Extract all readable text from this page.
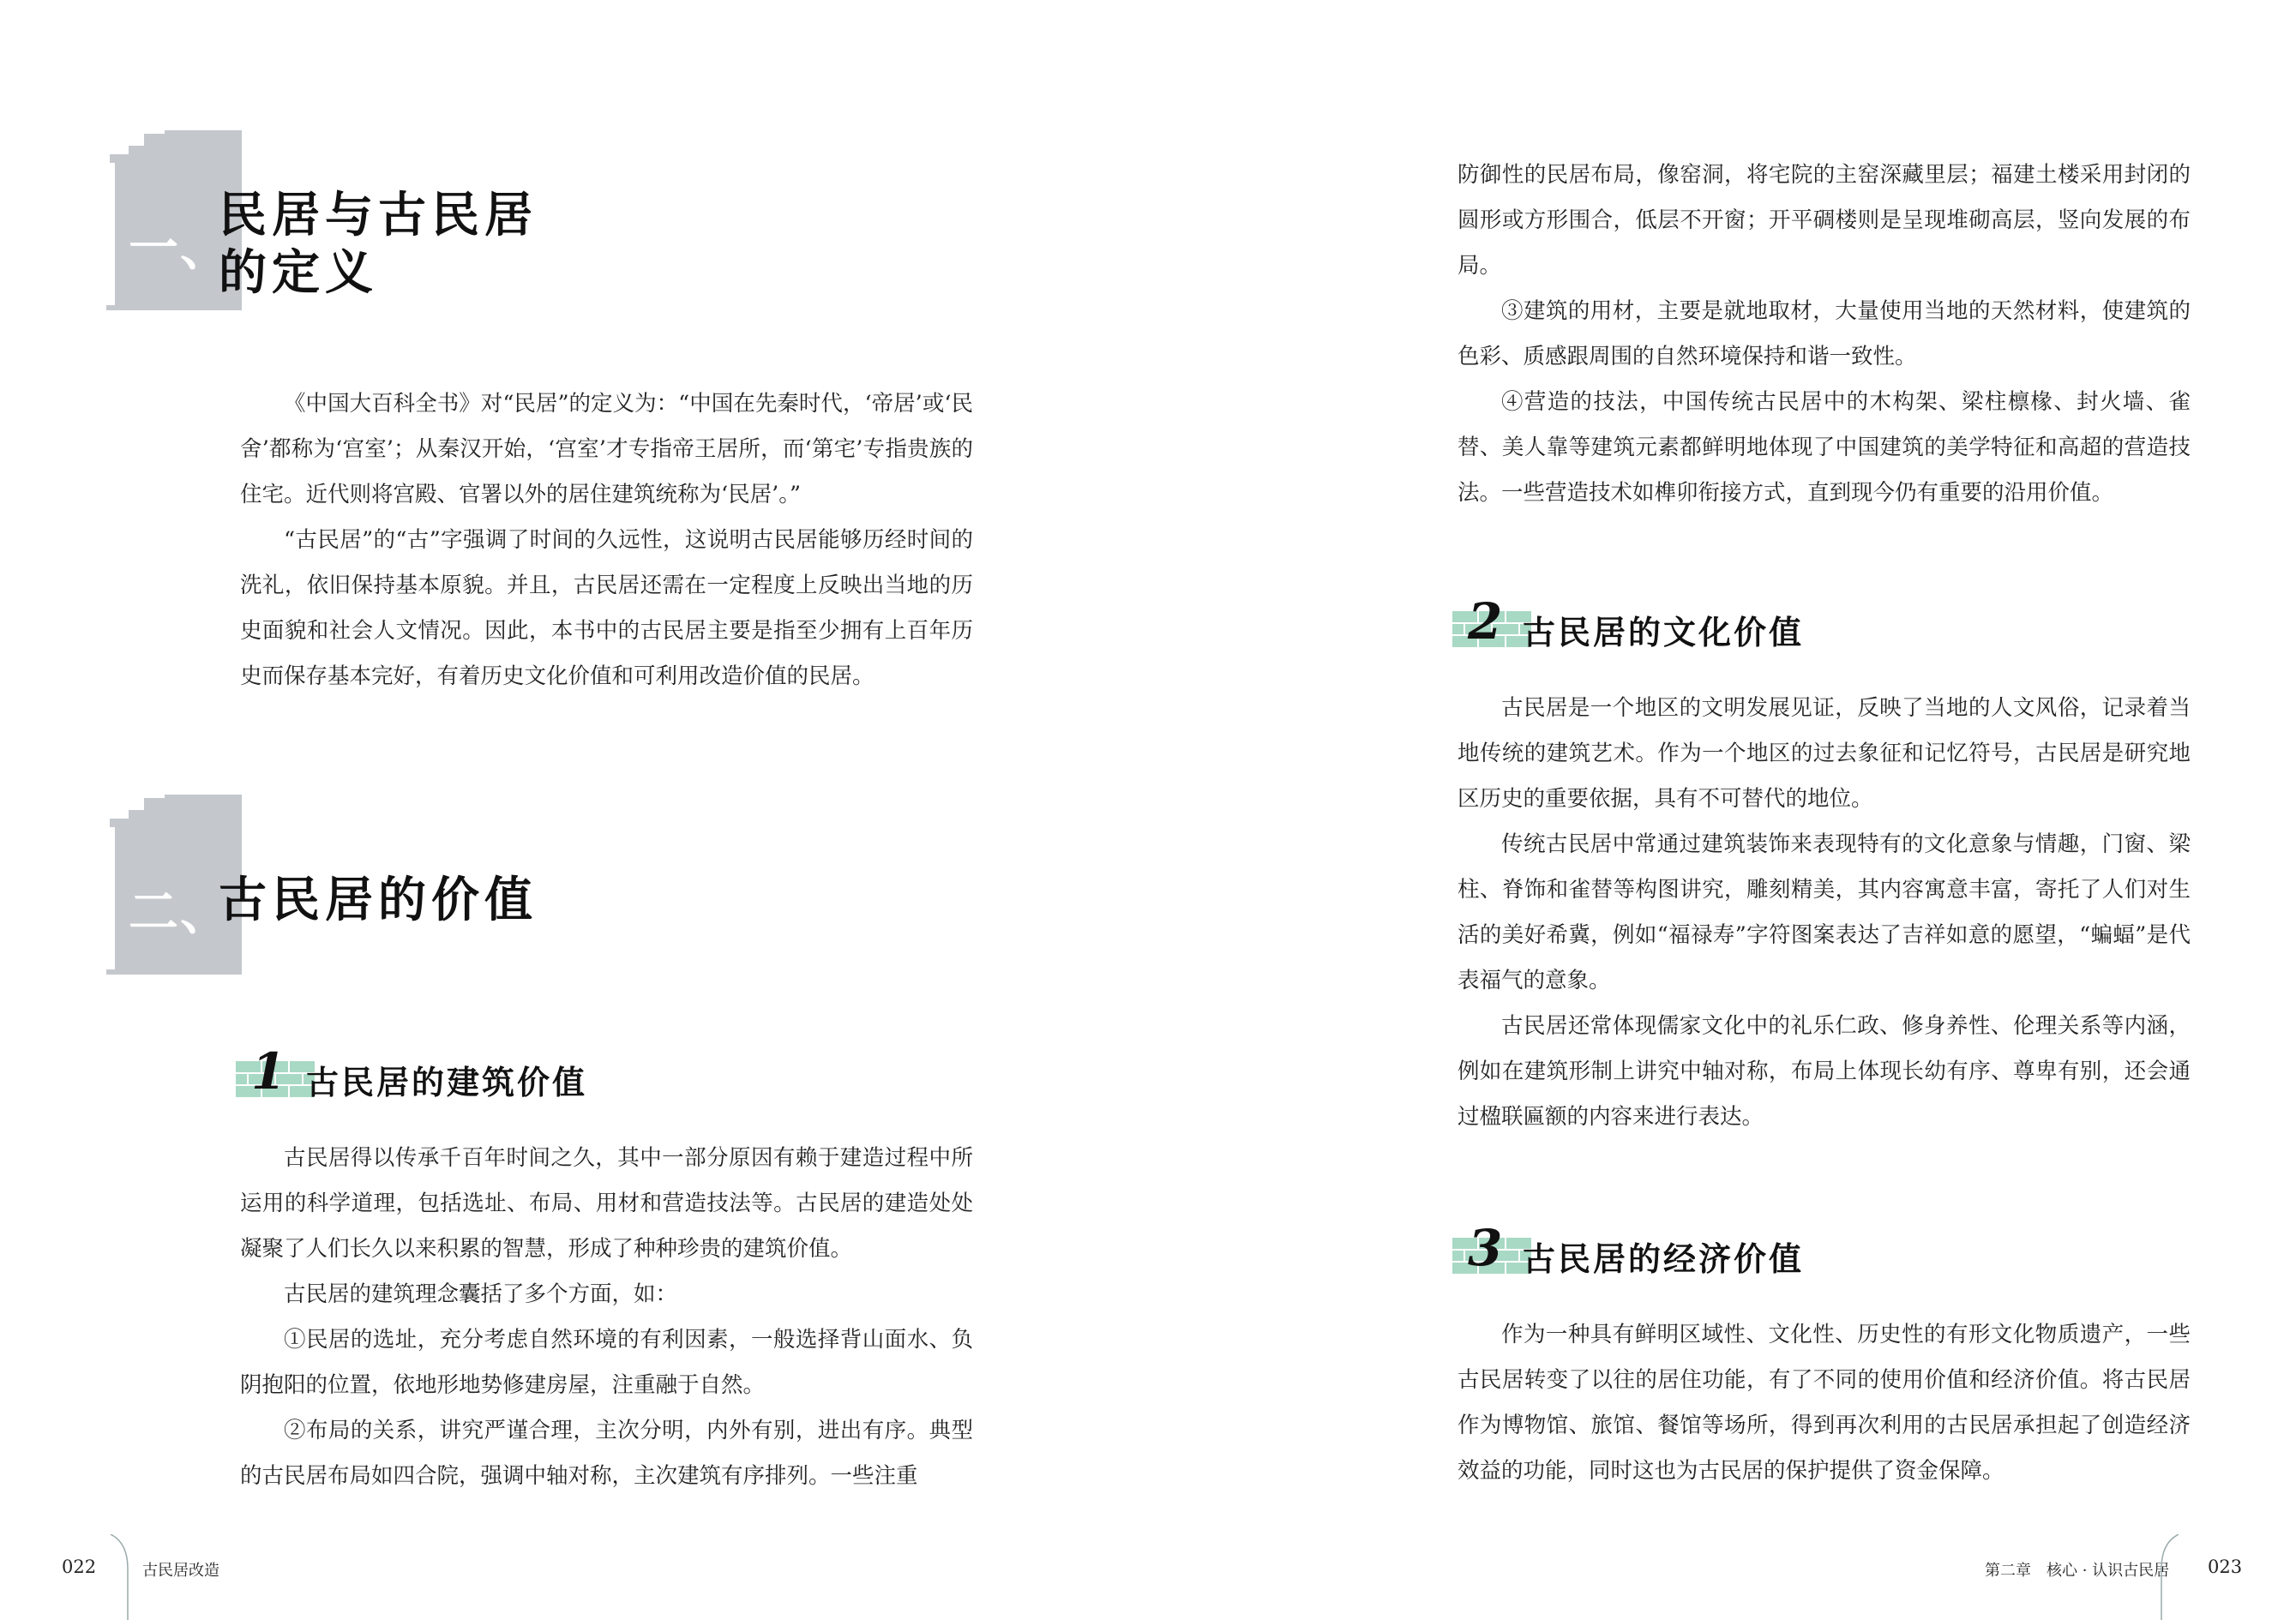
一、
民居与古民居
的定义

《中国大百科全书》对“民居”的定义为：“中国在先秦时代，‘帝居’或‘民舍’都称为‘宫室’；从秦汉开始，‘宫室’才专指帝王居所，而‘第宅’专指贵族的住宅。近代则将宫殿、官署以外的居住建筑统称为‘民居’。”

“古民居”的“古”字强调了时间的久远性，这说明古民居能够历经时间的洗礼，依旧保持基本原貌。并且，古民居还需在一定程度上反映出当地的历史面貌和社会人文情况。因此，本书中的古民居主要是指至少拥有上百年历史而保存基本完好，有着历史文化价值和可利用改造价值的民居。

二、
古民居的价值
1 古民居的建筑价值

古民居得以传承千百年时间之久，其中一部分原因有赖于建造过程中所运用的科学道理，包括选址、布局、用材和营造技法等。古民居的建造处处凝聚了人们长久以来积累的智慧，形成了种种珍贵的建筑价值。

古民居的建筑理念囊括了多个方面，如：

①民居的选址，充分考虑自然环境的有利因素，一般选择背山面水、负阴抱阳的位置，依地形地势修建房屋，注重融于自然。

②布局的关系，讲究严谨合理，主次分明，内外有别，进出有序。典型的古民居布局如四合院，强调中轴对称，主次建筑有序排列。一些注重

022	古民居改造

防御性的民居布局，像窑洞，将宅院的主窑深藏里层；福建土楼采用封闭的圆形或方形围合，低层不开窗；开平碉楼则是呈现堆砌高层，竖向发展的布局。

③建筑的用材，主要是就地取材，大量使用当地的天然材料，使建筑的色彩、质感跟周围的自然环境保持和谐一致性。

④营造的技法，中国传统古民居中的木构架、梁柱檩椽、封火墙、雀替、美人靠等建筑元素都鲜明地体现了中国建筑的美学特征和高超的营造技法。一些营造技术如榫卯衔接方式，直到现今仍有重要的沿用价值。

2 古民居的文化价值

古民居是一个地区的文明发展见证，反映了当地的人文风俗，记录着当地传统的建筑艺术。作为一个地区的过去象征和记忆符号，古民居是研究地区历史的重要依据，具有不可替代的地位。

传统古民居中常通过建筑装饰来表现特有的文化意象与情趣，门窗、梁柱、脊饰和雀替等构图讲究，雕刻精美，其内容寓意丰富，寄托了人们对生活的美好希冀，例如“福禄寿”字符图案表达了吉祥如意的愿望，“蝙蝠”是代表福气的意象。

古民居还常体现儒家文化中的礼乐仁政、修身养性、伦理关系等内涵，例如在建筑形制上讲究中轴对称，布局上体现长幼有序、尊卑有别，还会通过楹联匾额的内容来进行表达。

3 古民居的经济价值

作为一种具有鲜明区域性、文化性、历史性的有形文化物质遗产，一些古民居转变了以往的居住功能，有了不同的使用价值和经济价值。将古民居作为博物馆、旅馆、餐馆等场所，得到再次利用的古民居承担起了创造经济效益的功能，同时这也为古民居的保护提供了资金保障。

第二章　核心 · 认识古民居 023
